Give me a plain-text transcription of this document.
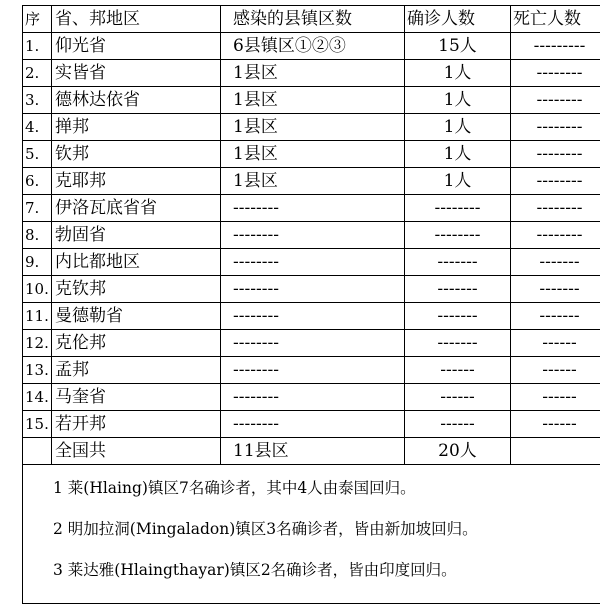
序	省、邦地区	感染的县镇区数	确诊人数	死亡人数
1.	仰光省	6县镇区①②③	15人	---------
2.	实皆省	1县区	1人	--------
3.	德林达依省	1县区	1人	--------
4.	掸邦	1县区	1人	--------
5.	钦邦	1县区	1人	--------
6.	克耶邦	1县区	1人	--------
7.	伊洛瓦底省省	--------	--------	--------
8.	勃固省	--------	--------	--------
9.	内比都地区	--------	-------	-------
10.	克钦邦	--------	-------	-------
11.	曼德勒省	--------	-------	-------
12.	克伦邦	--------	-------	------
13.	孟邦	--------	------	------
14.	马奎省	--------	------	------
15.	若开邦	--------	------	------
	全国共	11县区	20人	

1 莱(Hlaing)镇区7名确诊者，其中4人由泰国回归。
2 明加拉洞(Mingaladon)镇区3名确诊者，皆由新加坡回归。
3 莱达雅(Hlaingthayar)镇区2名确诊者，皆由印度回归。				
